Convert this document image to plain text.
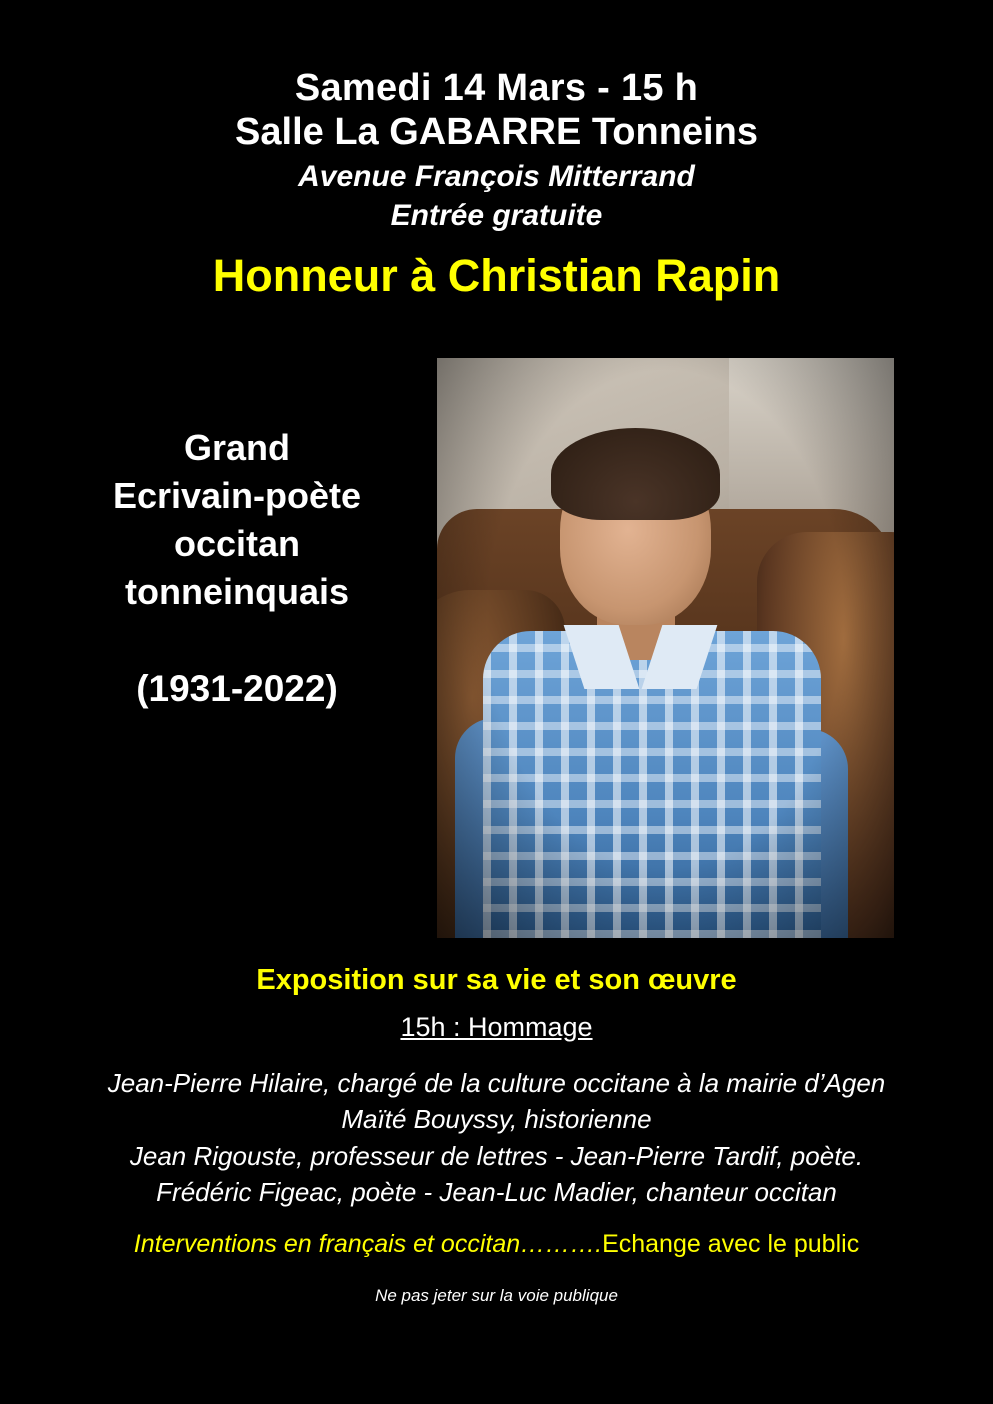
Samedi 14 Mars - 15 h
Salle La GABARRE Tonneins
Avenue François Mitterrand
Entrée gratuite
Honneur à Christian Rapin
Grand
Ecrivain-poète
occitan
tonneinquais
(1931-2022)
Exposition sur sa vie et son œuvre
15h : Hommage
Jean-Pierre Hilaire, chargé de la culture occitane à la mairie d’Agen
Maïté Bouyssy, historienne
Jean Rigouste, professeur de lettres - Jean-Pierre Tardif, poète.
Frédéric Figeac, poète - Jean-Luc Madier, chanteur occitan
Interventions en français et occitan……….Echange avec le public
Ne pas jeter sur la voie publique
